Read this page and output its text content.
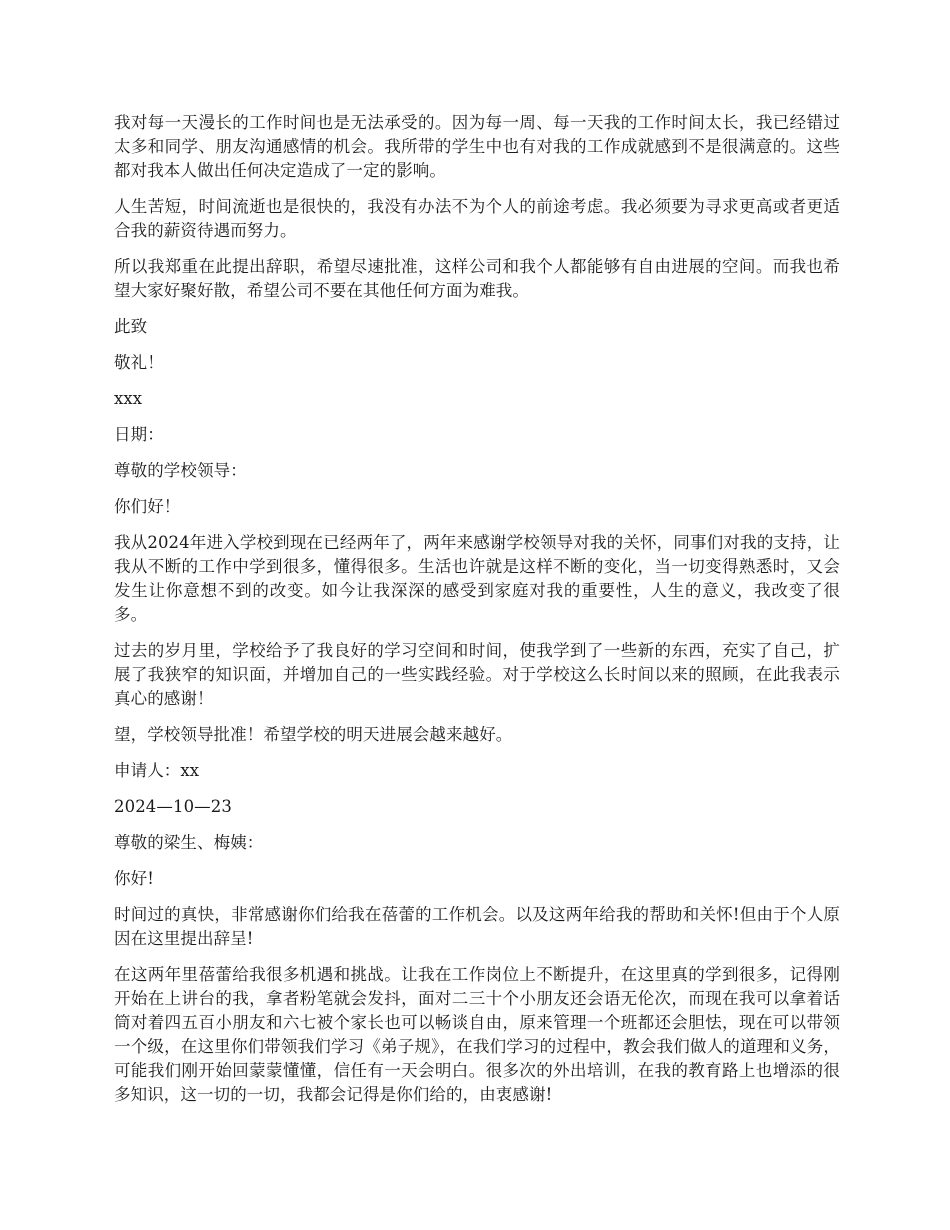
我对每一天漫长的工作时间也是无法承受的。因为每一周、每一天我的工作时间太长，我已经错过太多和同学、朋友沟通感情的机会。我所带的学生中也有对我的工作成就感到不是很满意的。这些都对我本人做出任何决定造成了一定的影响。

人生苦短，时间流逝也是很快的，我没有办法不为个人的前途考虑。我必须要为寻求更高或者更适合我的薪资待遇而努力。

所以我郑重在此提出辞职，希望尽速批准，这样公司和我个人都能够有自由进展的空间。而我也希望大家好聚好散，希望公司不要在其他任何方面为难我。

此致

敬礼！

xxx

日期：

尊敬的学校领导：

你们好！

我从2024年进入学校到现在已经两年了，两年来感谢学校领导对我的关怀，同事们对我的支持，让我从不断的工作中学到很多，懂得很多。生活也许就是这样不断的变化，当一切变得熟悉时，又会发生让你意想不到的改变。如今让我深深的感受到家庭对我的重要性，人生的意义，我改变了很多。

过去的岁月里，学校给予了我良好的学习空间和时间，使我学到了一些新的东西，充实了自己，扩展了我狭窄的知识面，并增加自己的一些实践经验。对于学校这么长时间以来的照顾，在此我表示真心的感谢！

望，学校领导批准！希望学校的明天进展会越来越好。

申请人：xx

2024—10—23

尊敬的梁生、梅姨：

你好!

时间过的真快，非常感谢你们给我在蓓蕾的工作机会。以及这两年给我的帮助和关怀!但由于个人原因在这里提出辞呈!

在这两年里蓓蕾给我很多机遇和挑战。让我在工作岗位上不断提升，在这里真的学到很多，记得刚开始在上讲台的我，拿者粉笔就会发抖，面对二三十个小朋友还会语无伦次，而现在我可以拿着话筒对着四五百小朋友和六七被个家长也可以畅谈自由，原来管理一个班都还会胆怯，现在可以带领一个级，在这里你们带领我们学习《弟子规》，在我们学习的过程中，教会我们做人的道理和义务，可能我们刚开始回蒙蒙懂懂，信任有一天会明白。很多次的外出培训，在我的教育路上也增添的很多知识，这一切的一切，我都会记得是你们给的，由衷感谢!
